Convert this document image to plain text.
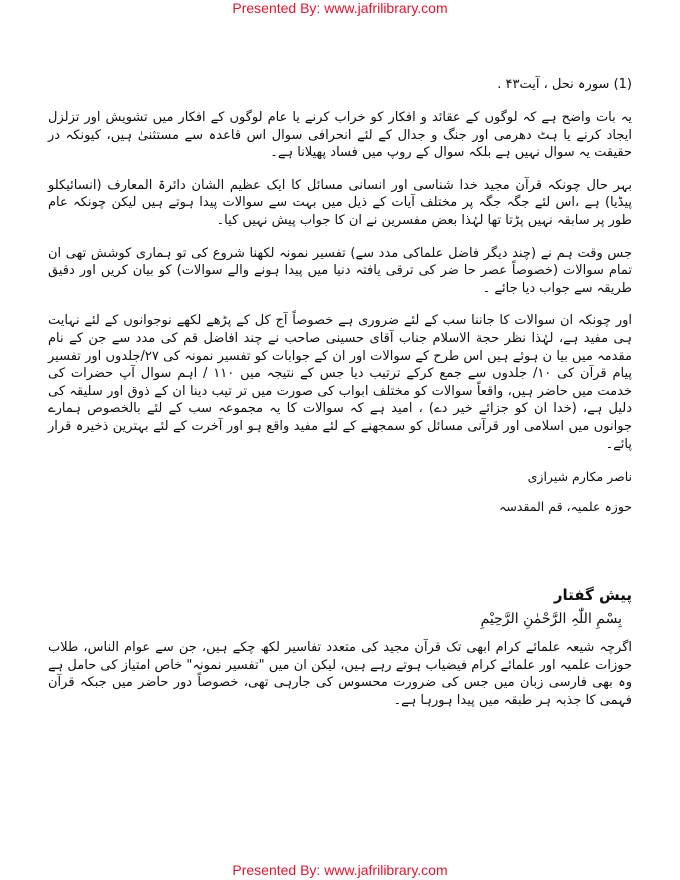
Presented By: www.jafrilibrary.com

(1) سورہ نحل ، آیت۴۳ .

یہ بات واضح ہے کہ لوگوں کے عقائد و افکار کو خراب کرنے یا عام لوگوں کے افکار میں تشویش اور تزلزل ایجاد کرنے یا ہٹ دھرمی اور جنگ و جدال کے لئے انحرافی سوال اس قاعدہ سے مستثنیٰ ہیں، کیونکہ در حقیقت یہ سوال نہیں ہے بلکہ سوال کے روپ میں فساد پھیلانا ہے۔

بہر حال چونکہ قرآن مجید خدا شناسی اور انسانی مسائل کا ایک عظیم الشان دائرۃ المعارف (انسائیکلو پیڈیا) ہے ،اس لئے جگہ جگہ پر مختلف آیات کے ذیل میں بہت سے سوالات پیدا ہوتے ہیں لیکن چونکہ عام طور پر سابقہ نہیں پڑتا تھا لہٰذا بعض مفسرین نے ان کا جواب پیش نہیں کیا۔

جس وقت ہم نے (چند دیگر فاضل علماکی مدد سے) تفسیر نمونہ لکھنا شروع کی تو ہماری کوشش تھی ان تمام سوالات (خصوصاً عصر حا ضر کی ترقی یافتہ دنیا میں پیدا ہونے والے سوالات) کو بیان کریں اور دقیق طریقہ سے جواب دیا جائے ۔

اور چونکہ ان سوالات کا جاننا سب کے لئے ضروری ہے خصوصاً آج کل کے پڑھے لکھے نوجوانوں کے لئے نہایت ہی مفید ہے، لہٰذا نظر حجة الاسلام جناب آقای حسینی صاحب نے چند افاضل قم کی مدد سے جن کے نام مقدمہ میں بیا ن ہوئے ہیں اس طرح کے سوالات اور ان کے جوابات کو تفسیر نمونہ کی ۲۷/جلدوں اور تفسیر پیام قرآن کی ۱۰/ جلدوں سے جمع کرکے ترتیب دیا جس کے نتیجہ میں ۱۱۰ / اہم سوال آپ حضرات کی خدمت میں حاضر ہیں، واقعاً سوالات کو مختلف ابواب کی صورت میں تر تیب دینا ان کے ذوق اور سلیقہ کی دلیل ہے، (خدا ان کو جزائے خیر دے) ، امید ہے کہ سوالات کا یہ مجموعہ سب کے لئے بالخصوص ہمارے جوانوں میں اسلامی اور قرآنی مسائل کو سمجھنے کے لئے مفید واقع ہو اور آخرت کے لئے بہترین ذخیرہ قرار پائے۔

ناصر مکارم شیرازی

حوزہ علمیہ، قم المقدسہ

پیش گفتار

بِسْمِ اللّٰہِ الرَّحْمٰنِ الرَّحِیْمِ

اگرچہ شیعہ علمائے کرام ابھی تک قرآن مجید کی متعدد تفاسیر لکھ چکے ہیں، جن سے عوام الناس، طلاب حوزات علمیہ اور علمائے کرام فیضیاب ہوتے رہے ہیں، لیکن ان میں "تفسیر نمونہ" خاص امتیاز کی حامل ہے وہ بھی فارسی زبان میں جس کی ضرورت محسوس کی جارہی تھی، خصوصاً دور حاضر میں جبکہ قرآن فہمی کا جذبہ ہر طبقہ میں پیدا ہورہا ہے۔

Presented By: www.jafrilibrary.com
